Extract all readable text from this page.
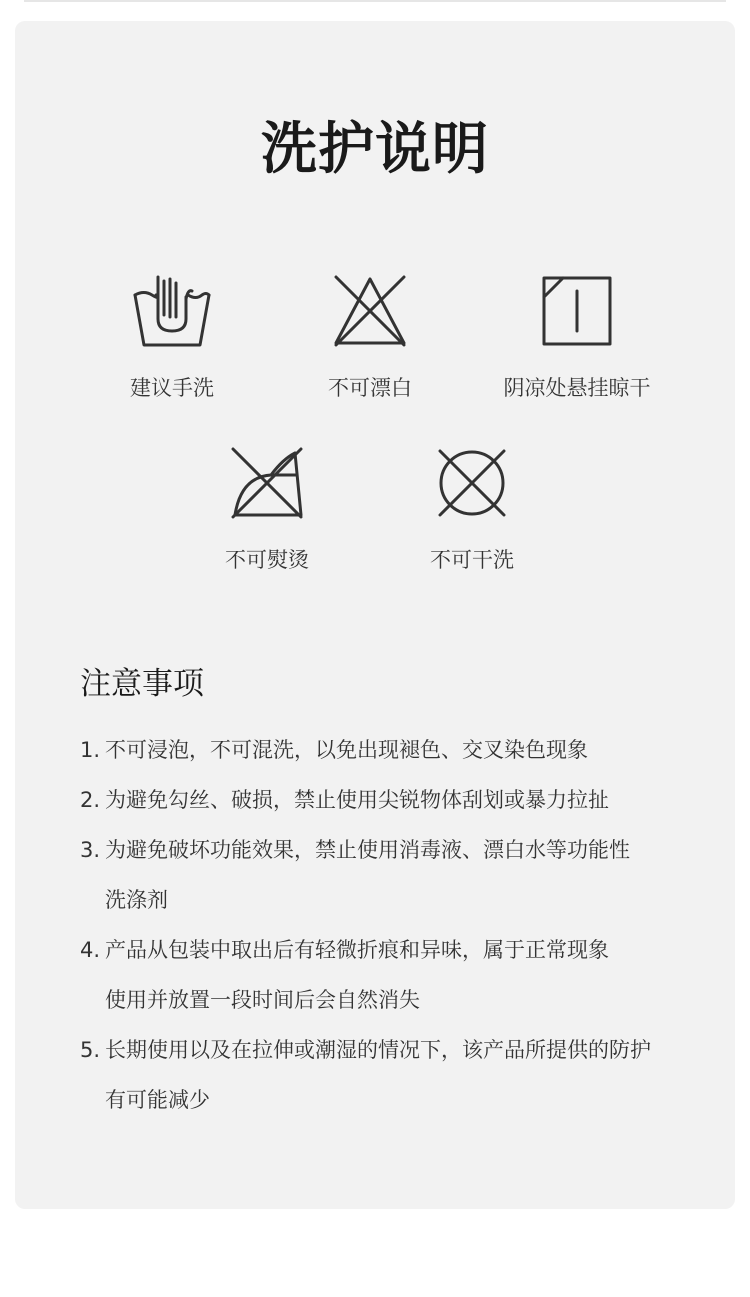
洗护说明
建议手洗	不可漂白	阴凉处悬挂晾干
不可熨烫	不可干洗
注意事项
1. 不可浸泡，不可混洗，以免出现褪色、交叉染色现象
2. 为避免勾丝、破损，禁止使用尖锐物体刮划或暴力拉扯
3. 为避免破坏功能效果，禁止使用消毒液、漂白水等功能性
洗涤剂
4. 产品从包装中取出后有轻微折痕和异味，属于正常现象
使用并放置一段时间后会自然消失
5. 长期使用以及在拉伸或潮湿的情况下，该产品所提供的防护
有可能减少
